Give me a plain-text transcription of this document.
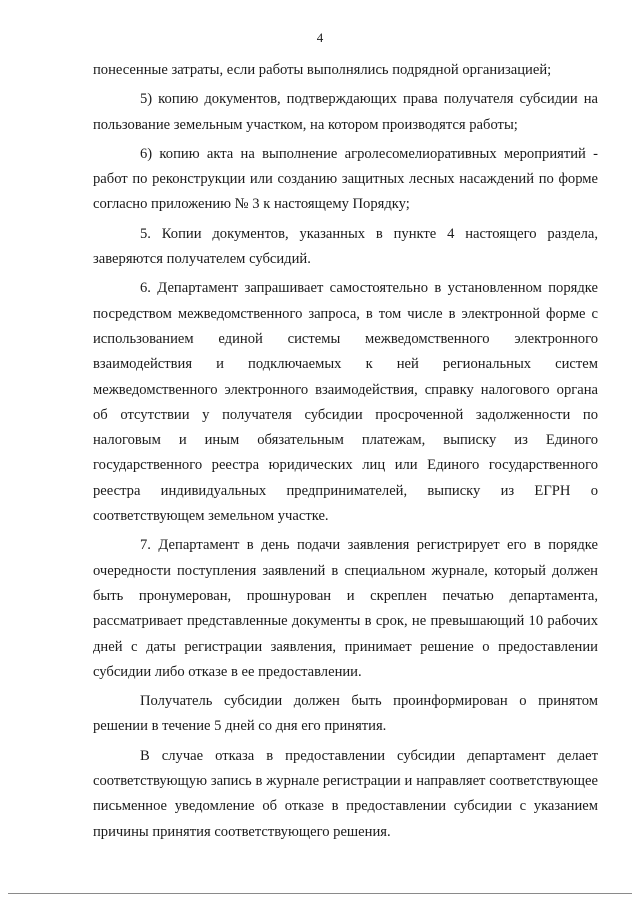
4

понесенные затраты, если работы выполнялись подрядной организацией;

5) копию документов, подтверждающих права получателя субсидии на пользование земельным участком, на котором производятся работы;

6) копию акта на выполнение агролесомелиоративных мероприятий - работ по реконструкции или созданию защитных лесных насаждений по форме согласно приложению № 3 к настоящему Порядку;

5. Копии документов, указанных в пункте 4 настоящего раздела, заверяются получателем субсидий.

6. Департамент запрашивает самостоятельно в установленном порядке посредством межведомственного запроса, в том числе в электронной форме с использованием единой системы межведомственного электронного взаимодействия и подключаемых к ней региональных систем межведомственного электронного взаимодействия, справку налогового органа об отсутствии у получателя субсидии просроченной задолженности по налоговым и иным обязательным платежам, выписку из Единого государственного реестра юридических лиц или Единого государственного реестра индивидуальных предпринимателей, выписку из ЕГРН о соответствующем земельном участке.

7. Департамент в день подачи заявления регистрирует его в порядке очередности поступления заявлений в специальном журнале, который должен быть пронумерован, прошнурован и скреплен печатью департамента, рассматривает представленные документы в срок, не превышающий 10 рабочих дней с даты регистрации заявления, принимает решение о предоставлении субсидии либо отказе в ее предоставлении.

Получатель субсидии должен быть проинформирован о принятом решении в течение 5 дней со дня его принятия.

В случае отказа в предоставлении субсидии департамент делает соответствующую запись в журнале регистрации и направляет соответствующее письменное уведомление об отказе в предоставлении субсидии с указанием причины принятия соответствующего решения.
